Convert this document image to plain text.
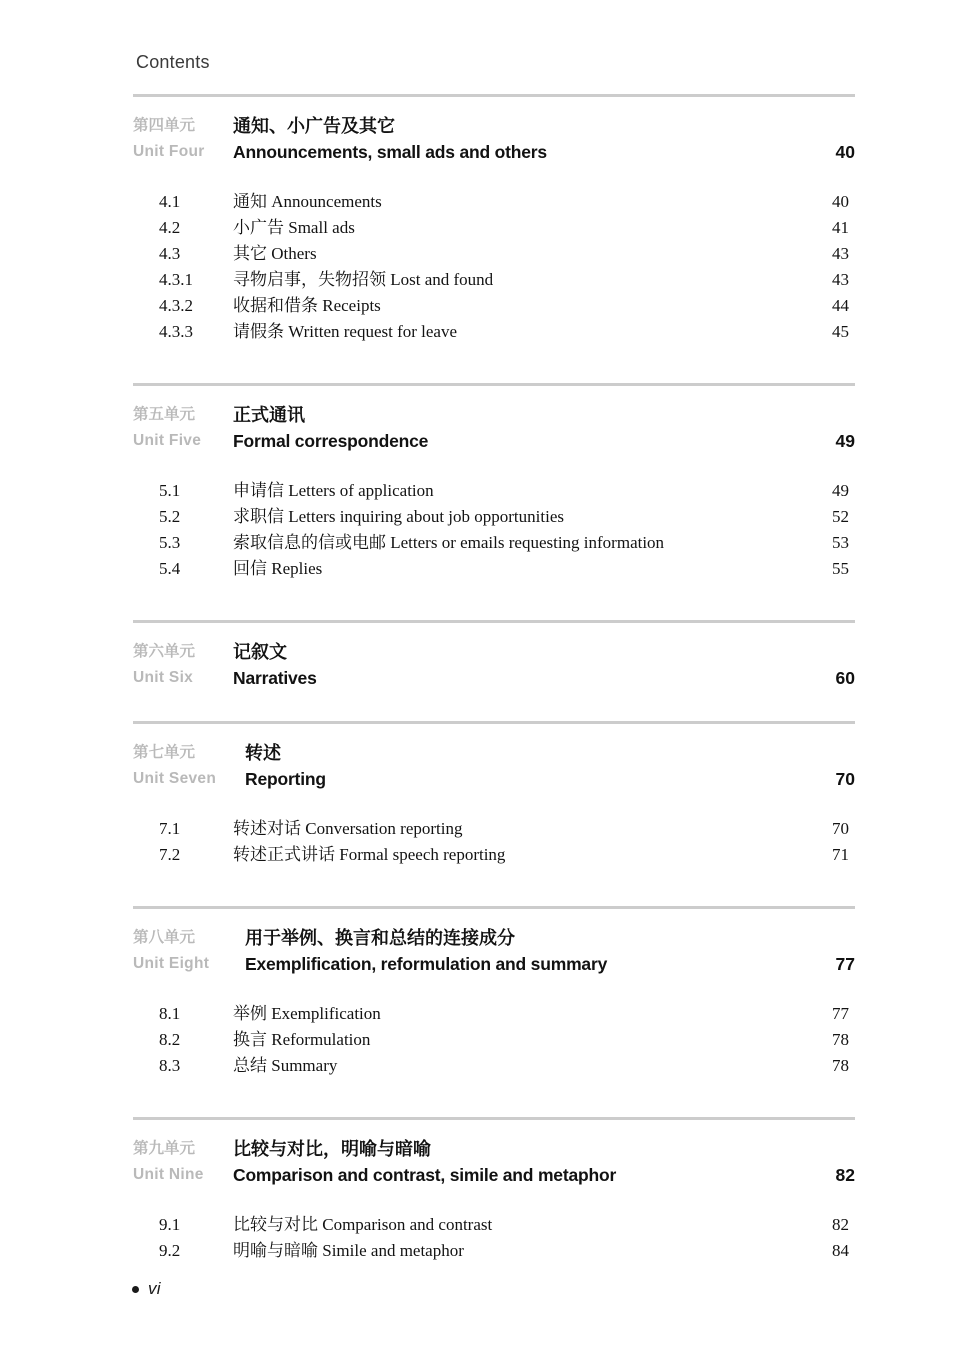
Contents
第四单元
Unit Four
通知、小广告及其它
Announcements, small ads and others	40
4.1	通知 Announcements	40
4.2	小广告 Small ads	41
4.3	其它 Others	43
4.3.1	寻物启事，失物招领 Lost and found	43
4.3.2	收据和借条 Receipts	44
4.3.3	请假条 Written request for leave	45
第五单元
Unit Five
正式通讯
Formal correspondence	49
5.1	申请信 Letters of application	49
5.2	求职信 Letters inquiring about job opportunities	52
5.3	索取信息的信或电邮 Letters or emails requesting information	53
5.4	回信 Replies	55
第六单元
Unit Six
记叙文
Narratives	60
第七单元
Unit Seven
转述
Reporting	70
7.1	转述对话 Conversation reporting	70
7.2	转述正式讲话 Formal speech reporting	71
第八单元
Unit Eight
用于举例、换言和总结的连接成分
Exemplification, reformulation and summary	77
8.1	举例 Exemplification	77
8.2	换言 Reformulation	78
8.3	总结 Summary	78
第九单元
Unit Nine
比较与对比，明喻与暗喻
Comparison and contrast, simile and metaphor	82
9.1	比较与对比 Comparison and contrast	82
9.2	明喻与暗喻 Simile and metaphor	84
vi
